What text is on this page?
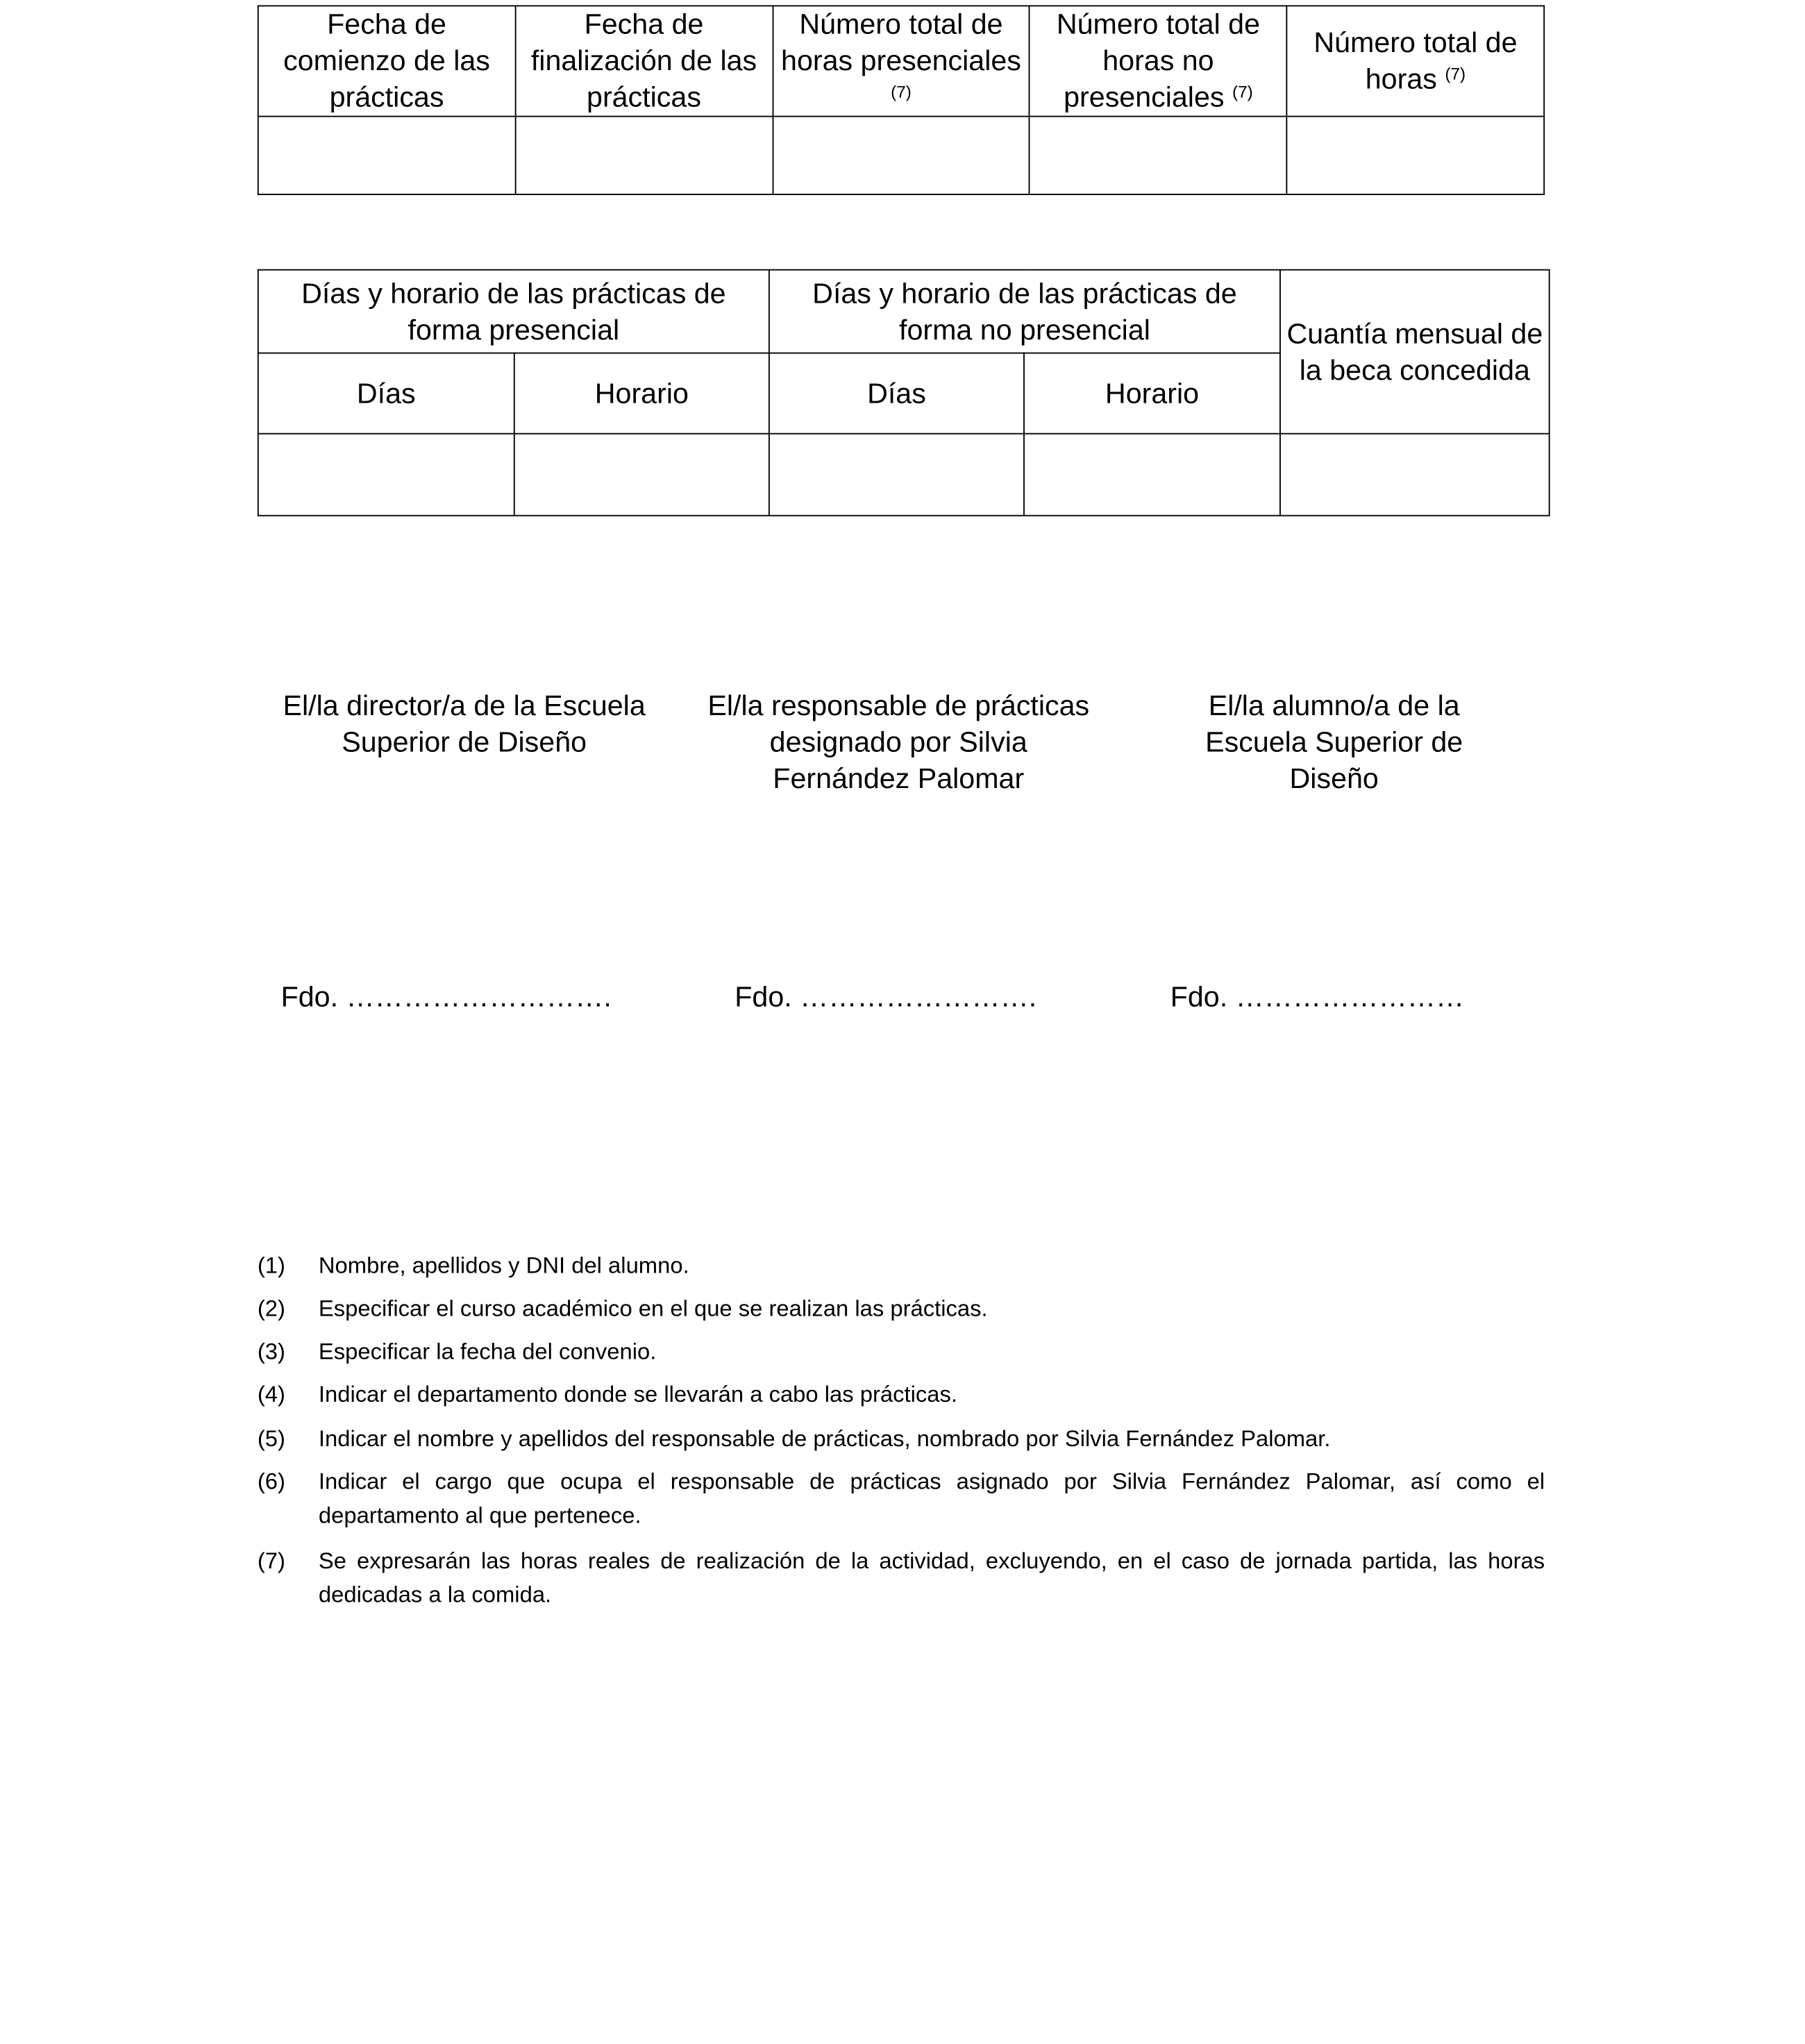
Fecha de comienzo de las prácticas	Fecha de finalización de las prácticas	Número total de horas presenciales $^{(7)}$	Número total de horas no presenciales $^{(7)}$	Número total de horas $^{(7)}$

Días y horario de las prácticas de forma presencial		Días y horario de las prácticas de forma no presencial		Cuantía mensual de la beca concedida
Días	Horario	Días	Horario	

El/la director/a de la Escuela Superior de Diseño
El/la responsable de prácticas designado por Silvia Fernández Palomar
El/la alumno/a de la Escuela Superior de Diseño
Fdo. ……………………….	Fdo. …………………….	Fdo. ……………………
(1)	Nombre, apellidos y DNI del alumno.
(2)	Especificar el curso académico en el que se realizan las prácticas.
(3)	Especificar la fecha del convenio.
(4)	Indicar el departamento donde se llevarán a cabo las prácticas.
(5)	Indicar el nombre y apellidos del responsable de prácticas, nombrado por Silvia Fernández Palomar.
(6)	Indicar el cargo que ocupa el responsable de prácticas asignado por Silvia Fernández Palomar, así como el departamento al que pertenece.
(7)	Se expresarán las horas reales de realización de la actividad, excluyendo, en el caso de jornada partida, las horas dedicadas a la comida.
